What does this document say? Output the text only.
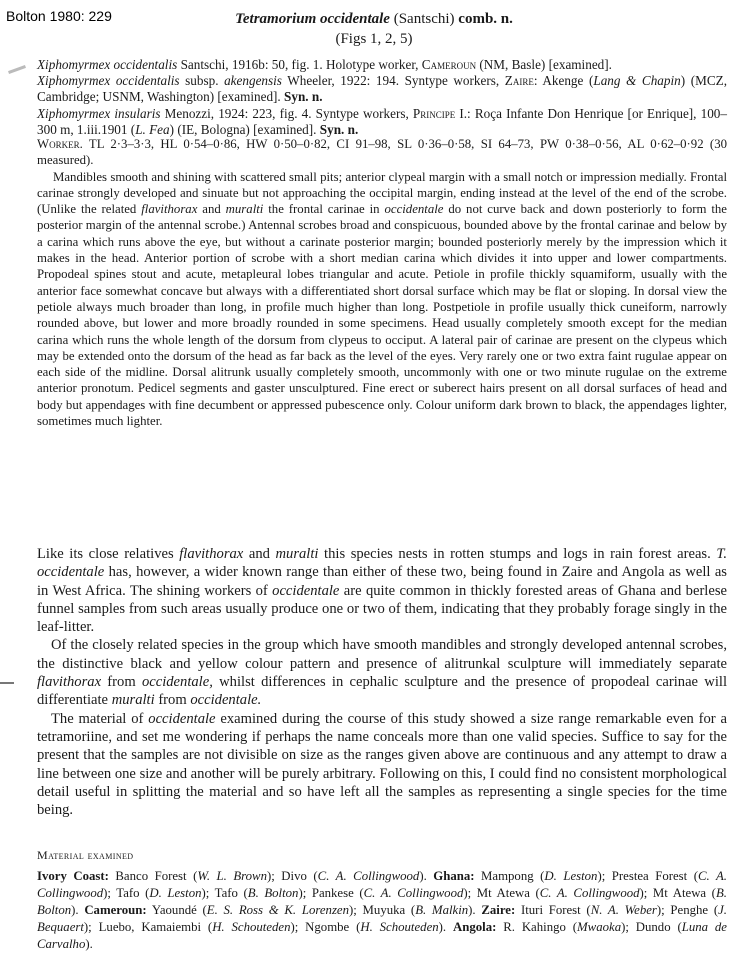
Bolton 1980: 229	Tetramorium occidentale (Santschi) comb. n.
(Figs 1, 2, 5)

Xiphomyrmex occidentalis Santschi, 1916b: 50, fig. 1. Holotype worker, Cameroun (NM, Basle) [examined].

Xiphomyrmex occidentalis subsp. akengensis Wheeler, 1922: 194. Syntype workers, Zaire: Akenge (Lang & Chapin) (MCZ, Cambridge; USNM, Washington) [examined]. Syn. n.

Xiphomyrmex insularis Menozzi, 1924: 223, fig. 4. Syntype workers, Principe I.: Roça Infante Don Henrique [or Enrique], 100–300 m, 1.iii.1901 (L. Fea) (IE, Bologna) [examined]. Syn. n.

Worker. TL 2·3–3·3, HL 0·54–0·86, HW 0·50–0·82, CI 91–98, SL 0·36–0·58, SI 64–73, PW 0·38–0·56, AL 0·62–0·92 (30 measured).

Mandibles smooth and shining with scattered small pits; anterior clypeal margin with a small notch or impression medially. Frontal carinae strongly developed and sinuate but not approaching the occipital margin, ending instead at the level of the end of the scrobe. (Unlike the related flavithorax and muralti the frontal carinae in occidentale do not curve back and down posteriorly to form the posterior margin of the antennal scrobe.) Antennal scrobes broad and conspicuous, bounded above by the frontal carinae and below by a carina which runs above the eye, but without a carinate posterior margin; bounded posteriorly merely by the impression which it makes in the head. Anterior portion of scrobe with a short median carina which divides it into upper and lower compartments. Propodeal spines stout and acute, metapleural lobes triangular and acute. Petiole in profile thickly squamiform, usually with the anterior face somewhat concave but always with a differentiated short dorsal surface which may be flat or sloping. In dorsal view the petiole always much broader than long, in profile much higher than long. Postpetiole in profile usually thick cuneiform, narrowly rounded above, but lower and more broadly rounded in some specimens. Head usually completely smooth except for the median carina which runs the whole length of the dorsum from clypeus to occiput. A lateral pair of carinae are present on the clypeus which may be extended onto the dorsum of the head as far back as the level of the eyes. Very rarely one or two extra faint rugulae appear on each side of the midline. Dorsal alitrunk usually completely smooth, uncommonly with one or two minute rugulae on the extreme anterior pronotum. Pedicel segments and gaster unsculptured. Fine erect or suberect hairs present on all dorsal surfaces of head and body but appendages with fine decumbent or appressed pubescence only. Colour uniform dark brown to black, the appendages lighter, sometimes much lighter.

Like its close relatives flavithorax and muralti this species nests in rotten stumps and logs in rain forest areas. T. occidentale has, however, a wider known range than either of these two, being found in Zaire and Angola as well as in West Africa. The shining workers of occidentale are quite common in thickly forested areas of Ghana and berlese funnel samples from such areas usually produce one or two of them, indicating that they probably forage singly in the leaf-litter.

Of the closely related species in the group which have smooth mandibles and strongly developed antennal scrobes, the distinctive black and yellow colour pattern and presence of alitrunkal sculpture will immediately separate flavithorax from occidentale, whilst differences in cephalic sculpture and the presence of propodeal carinae will differentiate muralti from occidentale.

The material of occidentale examined during the course of this study showed a size range remarkable even for a tetramoriine, and set me wondering if perhaps the name conceals more than one valid species. Suffice to say for the present that the samples are not divisible on size as the ranges given above are continuous and any attempt to draw a line between one size and another will be purely arbitrary. Following on this, I could find no consistent morphological detail useful in splitting the material and so have left all the samples as representing a single species for the time being.

Material examined
Ivory Coast: Banco Forest (W. L. Brown); Divo (C. A. Collingwood). Ghana: Mampong (D. Leston); Prestea Forest (C. A. Collingwood); Tafo (D. Leston); Tafo (B. Bolton); Pankese (C. A. Collingwood); Mt Atewa (C. A. Collingwood); Mt Atewa (B. Bolton). Cameroun: Yaoundé (E. S. Ross & K. Lorenzen); Muyuka (B. Malkin). Zaire: Ituri Forest (N. A. Weber); Penghe (J. Bequaert); Luebo, Kamaiembi (H. Schouteden); Ngombe (H. Schouteden). Angola: R. Kahingo (Mwaoka); Dundo (Luna de Carvalho).
